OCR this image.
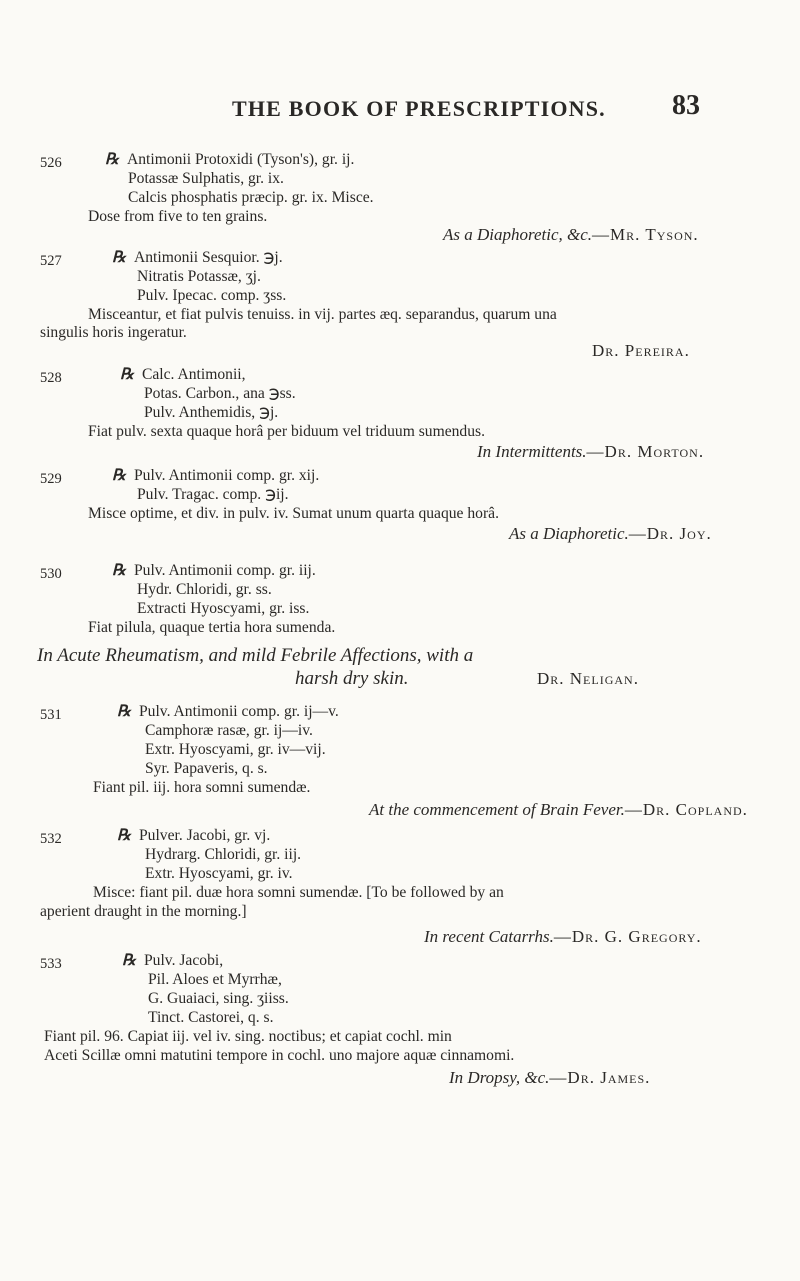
THE BOOK OF PRESCRIPTIONS. 83
526	℞ Antimonii Protoxidi (Tyson's), gr. ij.
Potassæ Sulphatis, gr. ix.
Calcis phosphatis præcip. gr. ix. Misce.
Dose from five to ten grains.
As a Diaphoretic, &c.—Mr. Tyson.
527	℞ Antimonii Sesquior. ℈j.
Nitratis Potassæ, ʒj.
Pulv. Ipecac. comp. ʒss.
Misceantur, et fiat pulvis tenuiss. in vij. partes æq. separandus, quarum una
singulis horis ingeratur.
Dr. Pereira.
528	℞ Calc. Antimonii,
Potas. Carbon., ana ℈ss.
Pulv. Anthemidis, ℈j.
Fiat pulv. sexta quaque horâ per biduum vel triduum sumendus.
In Intermittents.—Dr. Morton.
529	℞ Pulv. Antimonii comp. gr. xij.
Pulv. Tragac. comp. ℈ij.
Misce optime, et div. in pulv. iv. Sumat unum quarta quaque horâ.
As a Diaphoretic.—Dr. Joy.
530	℞ Pulv. Antimonii comp. gr. iij.
Hydr. Chloridi, gr. ss.
Extracti Hyoscyami, gr. iss.
Fiat pilula, quaque tertia hora sumenda.
In Acute Rheumatism, and mild Febrile Affections, with a
harsh dry skin.	Dr. Neligan.
531	℞ Pulv. Antimonii comp. gr. ij—v.
Camphoræ rasæ, gr. ij—iv.
Extr. Hyoscyami, gr. iv—vij.
Syr. Papaveris, q. s.
Fiant pil. iij. hora somni sumendæ.
At the commencement of Brain Fever.—Dr. Copland.
532	℞ Pulver. Jacobi, gr. vj.
Hydrarg. Chloridi, gr. iij.
Extr. Hyoscyami, gr. iv.
Misce: fiant pil. duæ hora somni sumendæ. [To be followed by an
aperient draught in the morning.]
In recent Catarrhs.—Dr. G. Gregory.
533	℞ Pulv. Jacobi,
Pil. Aloes et Myrrhæ,
G. Guaiaci, sing. ʒiiss.
Tinct. Castorei, q. s.
Fiant pil. 96. Capiat iij. vel iv. sing. noctibus; et capiat cochl. min
Aceti Scillæ omni matutini tempore in cochl. uno majore aquæ cinnamomi.
In Dropsy, &c.—Dr. James.
